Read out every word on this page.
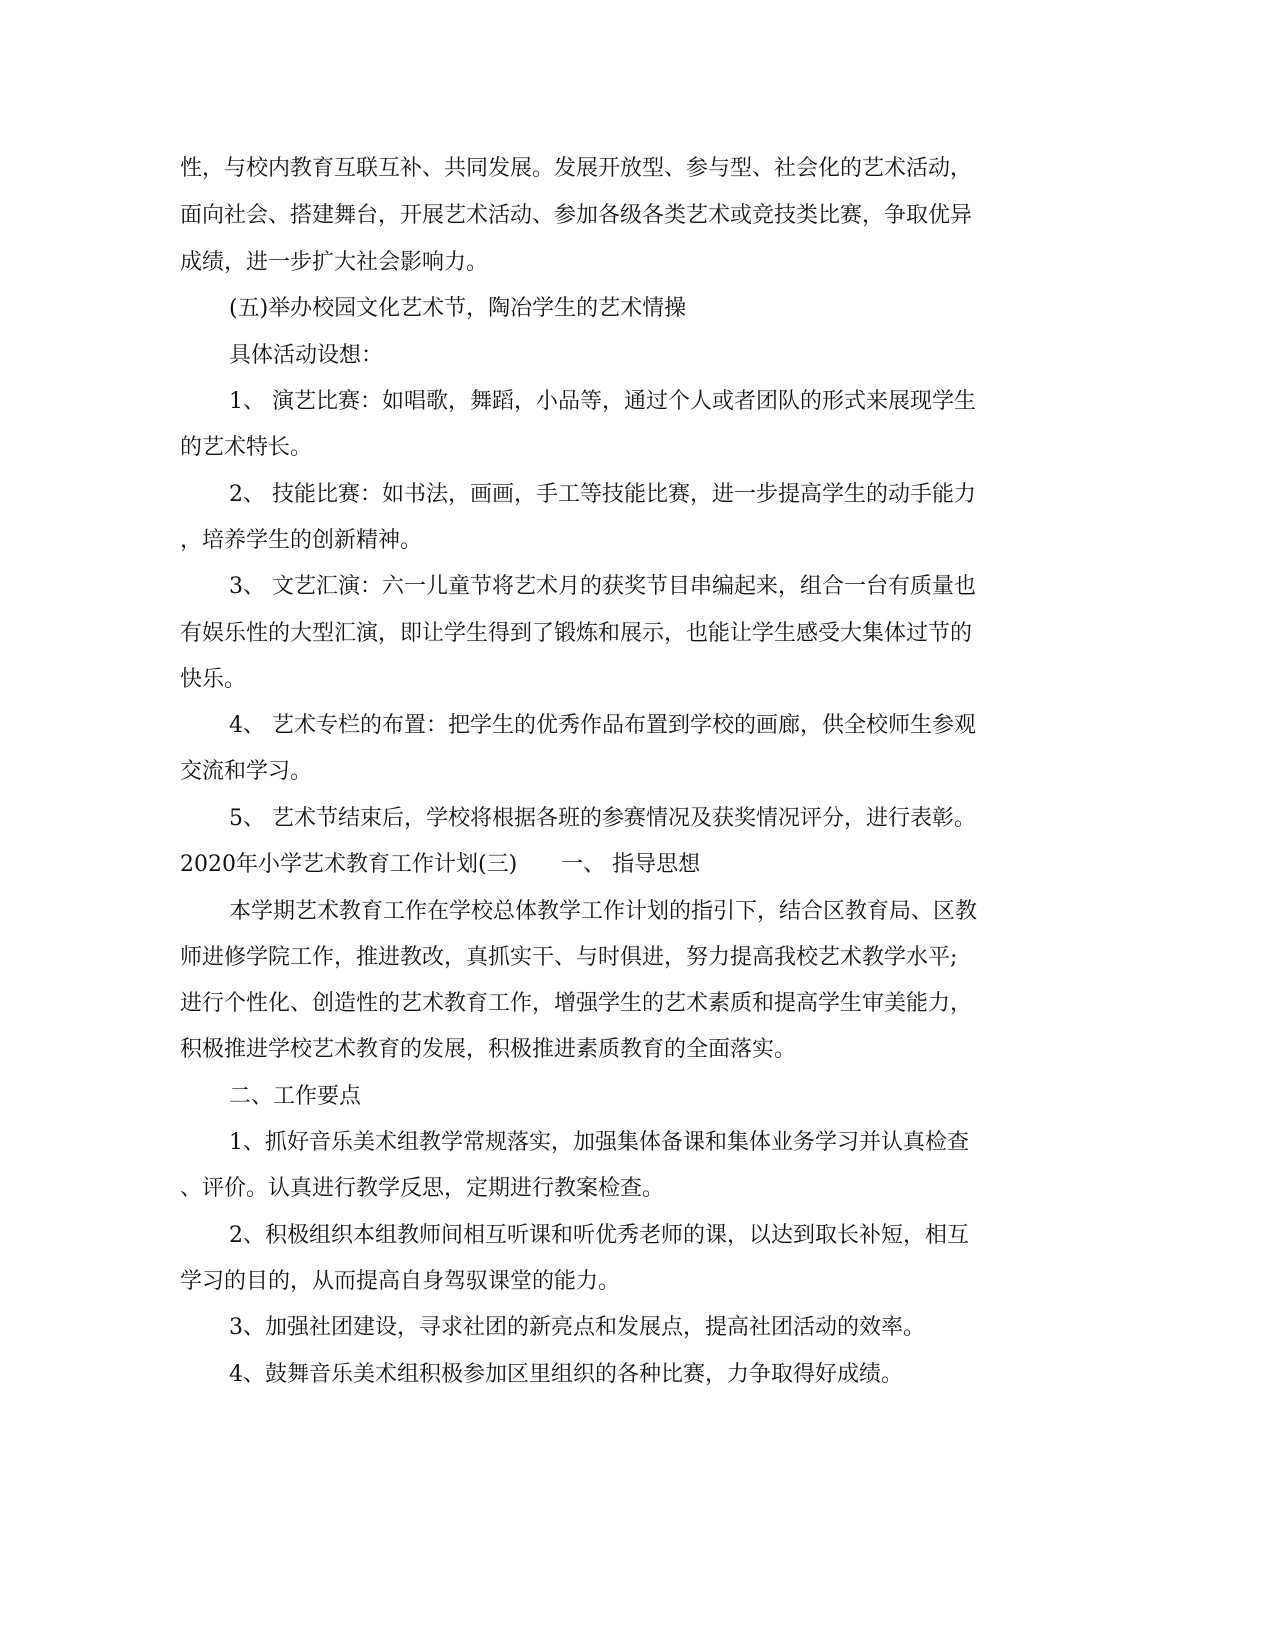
性，与校内教育互联互补、共同发展。发展开放型、参与型、社会化的艺术活动，
面向社会、搭建舞台，开展艺术活动、参加各级各类艺术或竞技类比赛，争取优异
成绩，进一步扩大社会影响力。
(五)举办校园文化艺术节，陶冶学生的艺术情操
具体活动设想：
1、 演艺比赛：如唱歌，舞蹈，小品等，通过个人或者团队的形式来展现学生
的艺术特长。
2、 技能比赛：如书法，画画，手工等技能比赛，进一步提高学生的动手能力
，培养学生的创新精神。
3、 文艺汇演：六一儿童节将艺术月的获奖节目串编起来，组合一台有质量也
有娱乐性的大型汇演，即让学生得到了锻炼和展示，也能让学生感受大集体过节的
快乐。
4、 艺术专栏的布置：把学生的优秀作品布置到学校的画廊，供全校师生参观
交流和学习。
5、 艺术节结束后，学校将根据各班的参赛情况及获奖情况评分，进行表彰。
2020年小学艺术教育工作计划(三) 一、 指导思想
本学期艺术教育工作在学校总体教学工作计划的指引下，结合区教育局、区教
师进修学院工作，推进教改，真抓实干、与时俱进，努力提高我校艺术教学水平;
进行个性化、创造性的艺术教育工作，增强学生的艺术素质和提高学生审美能力，
积极推进学校艺术教育的发展，积极推进素质教育的全面落实。
二、工作要点
1、抓好音乐美术组教学常规落实，加强集体备课和集体业务学习并认真检查
、评价。认真进行教学反思，定期进行教案检查。
2、积极组织本组教师间相互听课和听优秀老师的课，以达到取长补短，相互
学习的目的，从而提高自身驾驭课堂的能力。
3、加强社团建设，寻求社团的新亮点和发展点，提高社团活动的效率。
4、鼓舞音乐美术组积极参加区里组织的各种比赛，力争取得好成绩。
